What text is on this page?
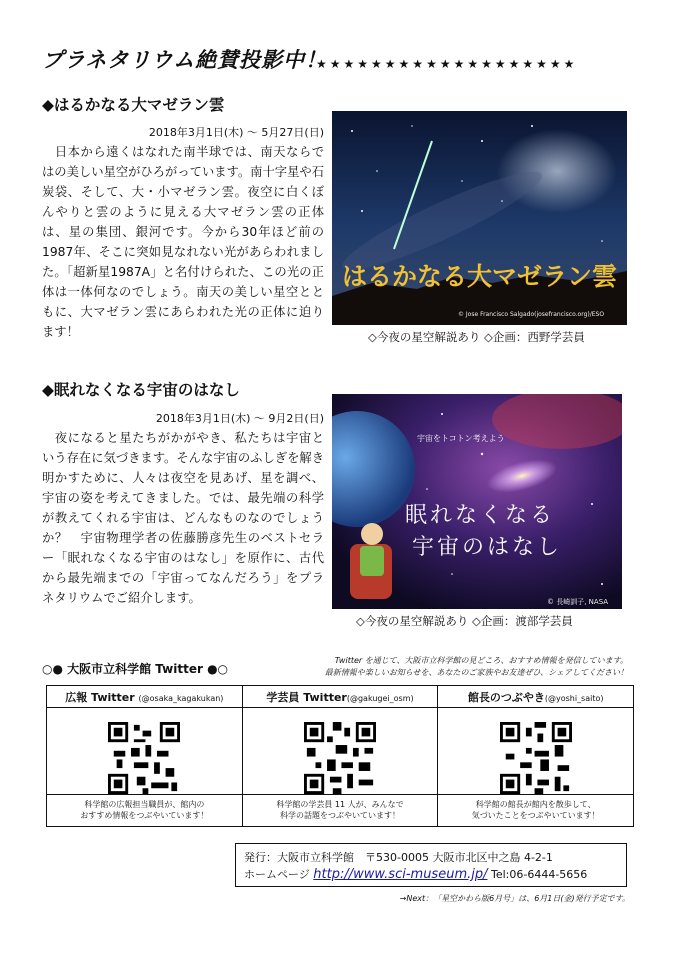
プラネタリウム絶賛投影中！
★★★★★★★★★★★★★★★★★★★
◆はるかなる大マゼラン雲
2018年3月1日(木) ～ 5月27日(日)
　日本から遠くはなれた南半球では、南天ならではの美しい星空がひろがっています。南十字星や石炭袋、そして、大・小マゼラン雲。夜空に白くぼんやりと雲のように見える大マゼラン雲の正体は、星の集団、銀河です。今から30年ほど前の1987年、そこに突如見なれない光があらわれました。「超新星1987A」と名付けられた、この光の正体は一体何なのでしょう。南天の美しい星空とともに、大マゼラン雲にあらわれた光の正体に迫ります！
はるかなる大マゼラン雲
© Jose Francisco Salgado(josefrancisco.org)/ESO
◇今夜の星空解説あり ◇企画：西野学芸員
◆眠れなくなる宇宙のはなし
2018年3月1日(木) ～ 9月2日(日)
　夜になると星たちがかがやき、私たちは宇宙という存在に気づきます。そんな宇宙のふしぎを解き明かすために、人々は夜空を見あげ、星を調べ、宇宙の姿を考えてきました。では、最先端の科学が教えてくれる宇宙は、どんなものなのでしょうか？　宇宙物理学者の佐藤勝彦先生のベストセラー「眠れなくなる宇宙のはなし」を原作に、古代から最先端までの「宇宙ってなんだろう」をプラネタリウムでご紹介します。
宇宙をトコトン考えよう
眠れなくなる
宇宙のはなし
© 長崎訓子, NASA
◇今夜の星空解説あり ◇企画：渡部学芸員
○● 大阪市立科学館 Twitter ●○
Twitter を通じて、大阪市立科学館の見どころ、おすすめ情報を発信しています。
最新情報や楽しいお知らせを、あなたのご家族やお友達ぜひ、シェアしてください！
広報 Twitter (@osaka_kagakukan)
科学館の広報担当職員が、館内の
おすすめ情報をつぶやいています！
学芸員 Twitter(@gakugei_osm)
科学館の学芸員 11 人が、みんなで
科学の話題をつぶやいています！
館長のつぶやき(@yoshi_saito)
科学館の館長が館内を散歩して、
気づいたことをつぶやいています！
発行：大阪市立科学館　〒530-0005 大阪市北区中之島 4-2-1
ホームページ http://www.sci-museum.jp/ Tel:06-6444-5656
→Next：「星空かわら版6月号」は、6月1日(金)発行予定です。
